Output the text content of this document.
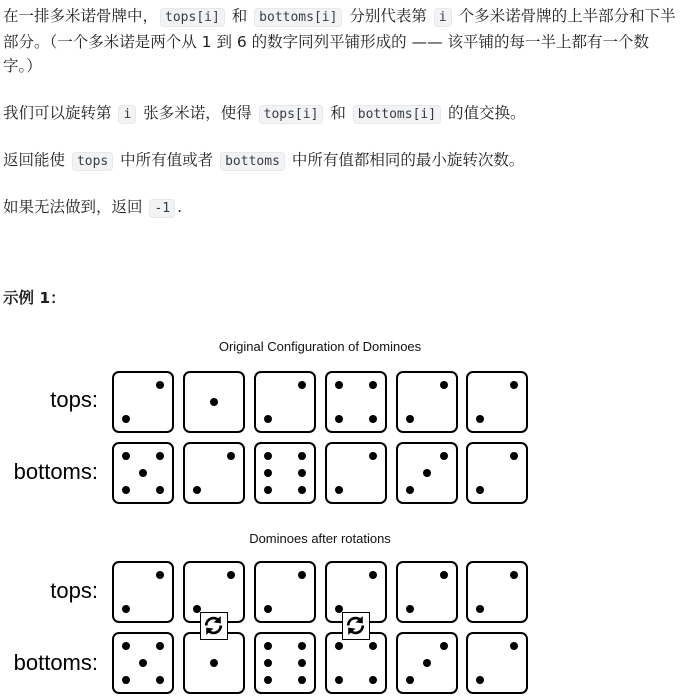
在一排多米诺骨牌中， tops[i] 和 bottoms[i] 分别代表第 i 个多米诺骨牌的上半部分和下半部分。（一个多米诺是两个从 1 到 6 的数字同列平铺形成的 —— 该平铺的每一半上都有一个数字。）

我们可以旋转第 i 张多米诺，使得 tops[i] 和 bottoms[i] 的值交换。

返回能使 tops 中所有值或者 bottoms 中所有值都相同的最小旋转次数。

如果无法做到，返回 -1 .

示例 1：

Original Configuration of Dominoes
tops:
bottoms:
Dominoes after rotations
tops:
bottoms:
